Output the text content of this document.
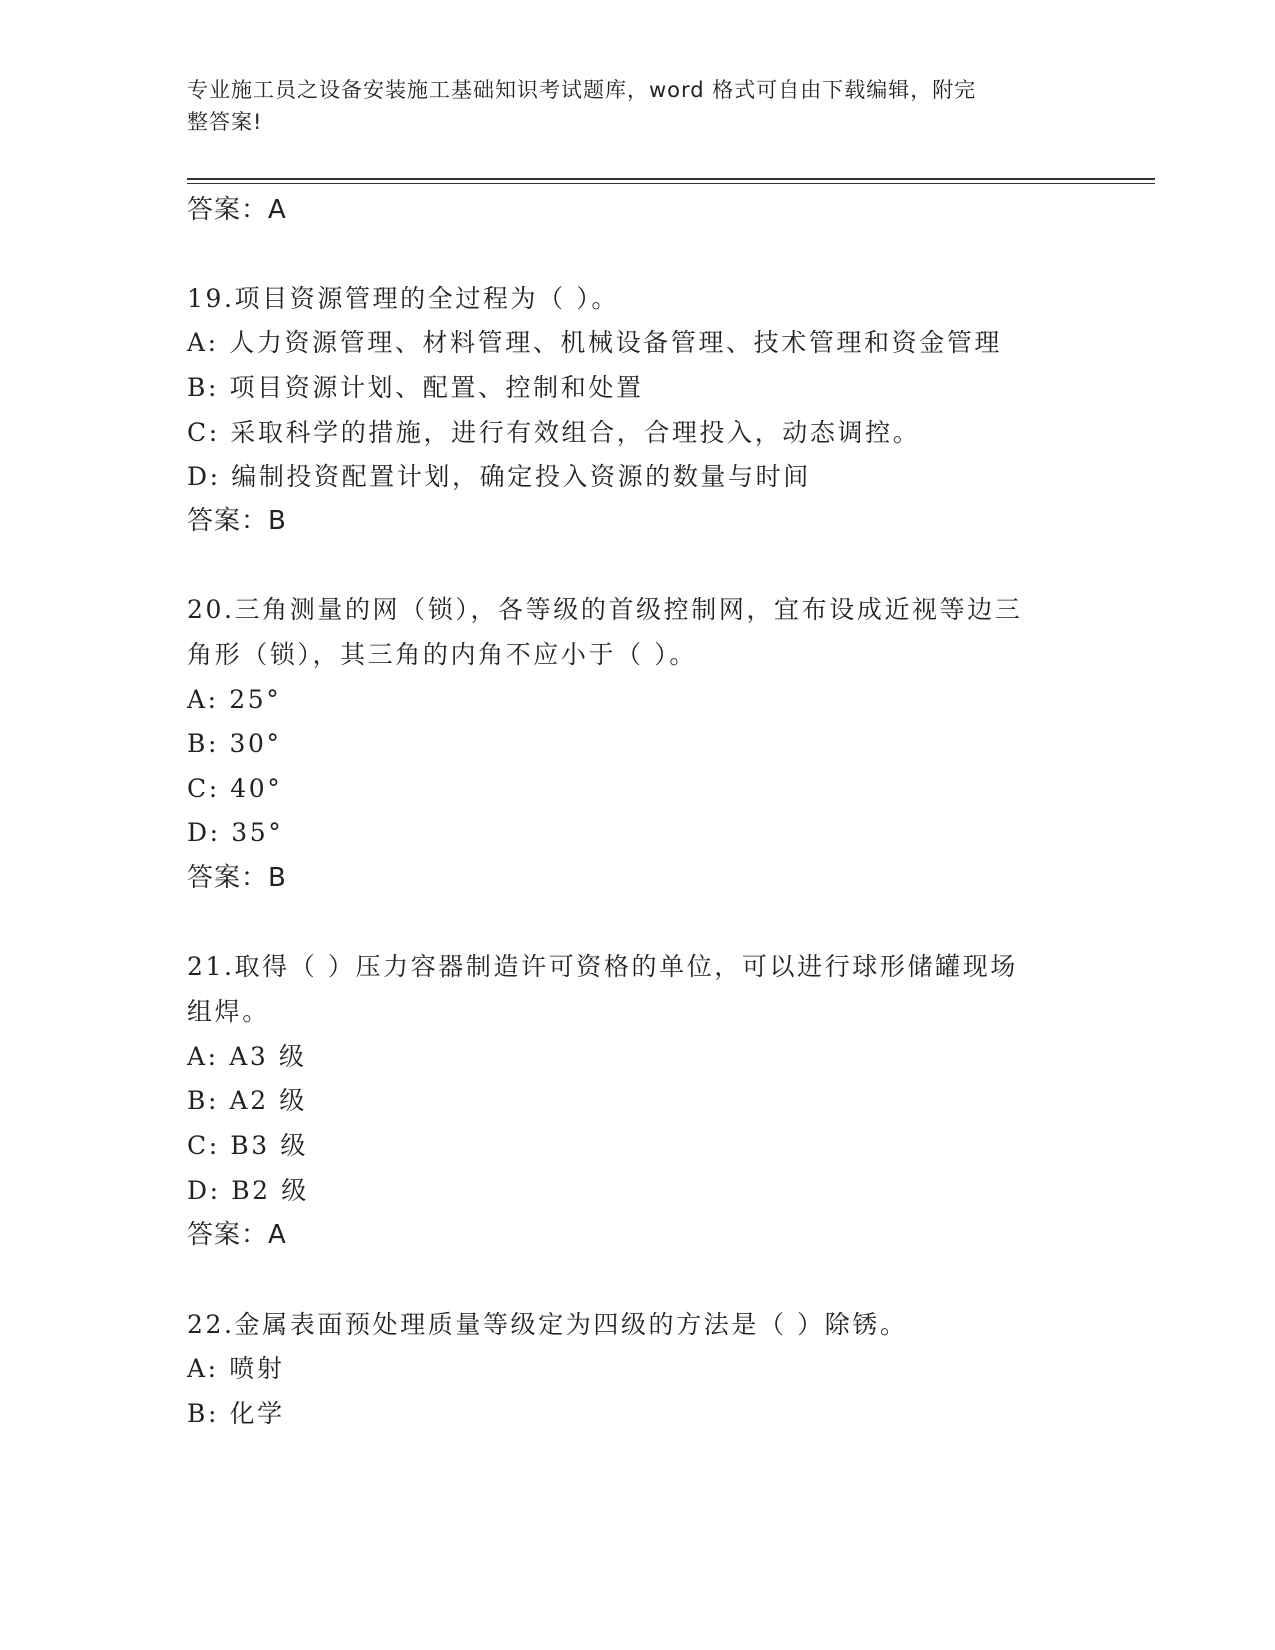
专业施工员之设备安装施工基础知识考试题库，word 格式可自由下载编辑，附完
整答案!
答案：A
19.项目资源管理的全过程为（ ）。
A: 人力资源管理、材料管理、机械设备管理、技术管理和资金管理
B: 项目资源计划、配置、控制和处置
C: 采取科学的措施，进行有效组合，合理投入，动态调控。
D: 编制投资配置计划，确定投入资源的数量与时间
答案：B
20.三角测量的网（锁），各等级的首级控制网，宜布设成近视等边三
角形（锁），其三角的内角不应小于（ ）。
A: 25°
B: 30°
C: 40°
D: 35°
答案：B
21.取得（ ）压力容器制造许可资格的单位，可以进行球形储罐现场
组焊。
A: A3 级
B: A2 级
C: B3 级
D: B2 级
答案：A
22.金属表面预处理质量等级定为四级的方法是（ ）除锈。
A: 喷射
B: 化学
